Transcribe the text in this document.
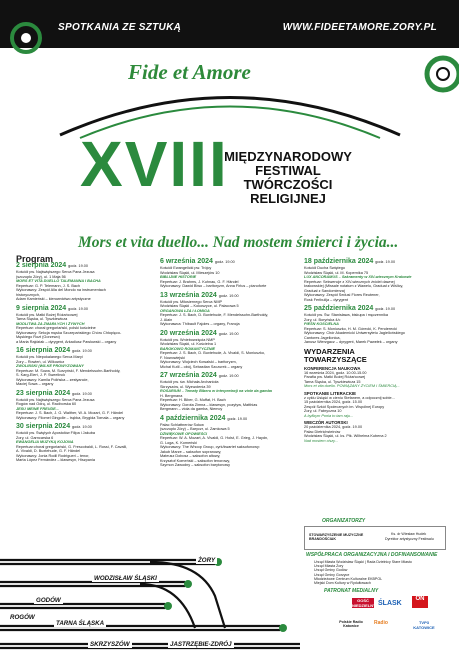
SPOTKANIA ZE SZTUKĄ	WWW.FIDEETAMORE.ZORY.PL
Fide et Amore
XVIII
MIĘDZYNARODOWY
FESTIWAL
TWÓRCZOŚCI
RELIGIJNEJ
Mors et vita duello... Nad mostem śmierci i życia...
Program
2 sierpnia 2024 godz. 19.00
Kościół pw. Najświętszego Serca Pana Jezusa
(szczupło Żóry), ul. 1 Maja 56
MORS ET VITA DUELLO TALEMANNA I BACHA
Repertuar: G. P. Telemann, J. S. Bach
Wykonawcy: Zespół Alla del Mondo na instrumentach
historycznych,
Adam Kamieński – kierownictwo artystyczne
9 sierpnia 2024 godz. 19.00
Kościół pw. Matki Bożej Różańcowej
Tarna Śląska, ul. Tyszkiewicza
MODLITWA ZA ZMARŁYCH I ŻYWYCH
Repertuar: chorał gregoriański, polski kościelne
Wykonawcy: Sekcja męska Szczepańskiego Chóru Chłopięco-
Męskiego Rozt (Gorzewo)
a Maria Rajdziak – dyrygent, Arkadiusz Pawlowski – organy
16 sierpnia 2024 godz. 19.00
Kościół pw. Niepokalanego Serca Maryi
Żory – Rowień, ul. Wilkowicz
ZWOLIŃSKI (WILKE PROWYZOWANY
Repertuar: M. Sowa, M. Surzyński, F. Mendelssohn-Bartholdy,
S. Karg-Elert, J. P. Sweelinck
Wykonawcy: Kamila Polińska – zestyancie,
Maciej Sowa – organy
23 sierpnia 2024 godz. 19.00
Kościół pw. Najświętszego Serca Pana Jezusa
Rogów nad Odrą, ul. Raciborska 60
JESU MEINE FREUDE...
Repertuar: J. S. Bach, J. G. Walther, W. A. Mozart, G. F. Händel
Wykonawcy: Filomel Gingolle – trąbka, Brygida Tomala – organy
30 sierpnia 2024 godz. 19.00
Kościół pw. Świętych Apostołów Filipa i Jakuba
Żory, ul. Garncarska 6
EWANGELIA MUZYKĄ KOJONA
Repertuar:chorał gregoriański, G. Frescobaldi, L. Rossi, F. Cavalli,
A. Vivaldi, D. Buxtehude, G. F. Händel
Wykonawcy: Jonia Rodil Rodrigueri – tenor,
Marta López Fernández – klawesyn, Hiszpania
6 września 2024 godz. 19.00
Kościół Ewangelicki pw. Trójcy
Wodzisław Śląski, ul. Mieszejów 10
BIBLIJNE HISTORIE
Repertuar: J. Brahms, J. Kuhnau, G. F. Händel
Wykonawcy: Dawid Biwo – baritoryzm, Anna Firlus – pianoforte
13 września 2024 godz. 19.00
Kościół pw. Miłosiernego Serca NMP
Wodzisław Śląski – Kokoszyce, ul. Pałacowa 5
ORGANOWA ŁZA I ŁOMIGA
Repertuar: J. S. Bach, D. Buxtehude, F. Mendelssohn-Bartholdy,
J. Alain
Wykonawca: Thibault Fajoles – organy, Francja
20 września 2024 godz. 19.00
Kościół pw. Wniebowzięcia NMP
Wodzisław Śląski, ul. Kościelna 1
BAROKOWO ROMANTYCZNIE
Repertuar: J. S. Bach, D. Buxtehude, A. Vivaldi, S. Moniuszko,
F. Nowowiejski
Wykonawcy: Wojciech Kowalski – baritoryzm,
Michał Kutil – obój, Sebastian Szczurek – organy
27 września 2024 godz. 19.00
Kościół pw. św. Michała Archanioła
Skrzyszów, ul. Wyzwolenia 39
ROSARIUM – Tematy Biberu w interpretacji na viole da gamba
H. Bergmana
Repertuar: H. Biber, G. Muffat, H. Bach
Wykonawcy: Dorota Zimna – klawesyn, pozytyw, Matthias
Bergmann – viola da gamba, Niemcy
4 października 2024 godz. 19.00
Pałac Schlattnerów Sołuw
(szczupło Żóry) – Baryczr, ul. Zamkowa 5
DŹWIĘKOWE OPOWIEŚCI
Repertuar: W. A. Mozart, A. Vivaldi, G. Holst, E. Grieg, J. Haydn,
G. Loga, K. Komeński
Wykonawcy: The Whoop Group, cyrk/kwartet saksofonowy:
Jakub Marze – saksofon sopranowy,
Mateusz Dobosz – saksofon altowy,
Krzysztof Komeński – saksofon tenorowy,
Szymon Zawodny – saksofon barytonowy
18 października 2024 godz. 19.00
Kościół Ducha Świętego
Wodzisław Śląski, ul. M. Kopernika 75
LUX ANCORAMUS – Sakramenty w XIV-wiecznym Krakowie
Repertuar: Sekwencje z XIV-wiecznych źródeł dawnej
krakowskiej (Missale notatum z Wawelu, Graduał z Wiślicy,
Graduał z Sandomierza)
Wykonawcy: Zespół Sedusi Flores Reutener,
Rosk Feribulija – dyrygent
25 października 2024 godz. 19.00
Kościół pw. Św. Stanisława, biskupa i męczennika
Żory, ul. Boryńska 4/c
PIEŚŃ KOSCIELNA
Repertuar: S. Moniuszko, H. M. Górecki, K. Penderecki
Wykonawcy: Chór Akademicki Uniwersytetu Jagiellońskiego
Cantores Jagellonica,
Janusz Wierzgacz – dyrygent, Marek Pawełek – organy
WYDARZENIA
TOWARZYSZĄCE
KONFERENCJA NAUKOWA
16 września 2024, godz. 10.00-15.00
Parafia pw. Matki Bożej Różańcowej
Tarna Śląska, ul. Tyszkiewicza 15
Mors et vita duello. POWIĄZANY ŻYCIEM I ŚMIERCIĄ...
SPOTKANIE LITERACKIE
z cyklu Usiąść w cieniu Stefanem, a odpocznij sobie...
15 października 2024, godz. 15.00
Zespół Szkół Społecznych im. Wspólnej Europy
Żory, ul. Fabryczna 10
A bylibym Ponia to tam raju...
WIECZÓR AUTORSKI
20 października 2024, godz. 19.00
Pałac Dietrichsteinów
Wodzisław Śląski, ul. ks. Płk. Wilhelma Kubena 2
Nad mostem ciszy...
ORGANIZATORZY
STOWARZYSZENIE MUZYCZNE BRANDOŚCIAK
Ks. dr Wiesław Hudek
Dyrektor artystyczny Festiwalu
WSPÓŁPRACA ORGANIZACYJNA I DOFINANSOWANIE
Urząd Miasta Wodzisław Śląski | Rada Dzielnicy Stare Miasto
Urząd Miasta Żory
Urząd Gminy Godów
Urząd Gminy Gorzyce
Młodzieżowe Centrum Kulturalne EKBPOL
Miejski Dom Kultury w Rydułtowach
PATRONAT MEDIALNY
GOŚĆ NIEDZIELNY ŚLASK
ON
Polskie Radio Katowice	Radio	TVP3 KATOWICE
ŻORY
WODZISŁAW ŚLĄSKI
GODÓW
TARNA ŚLĄSKA
ROGÓW
SKRZYSZÓW	JASTRZĘBIE-ZDRÓJ
